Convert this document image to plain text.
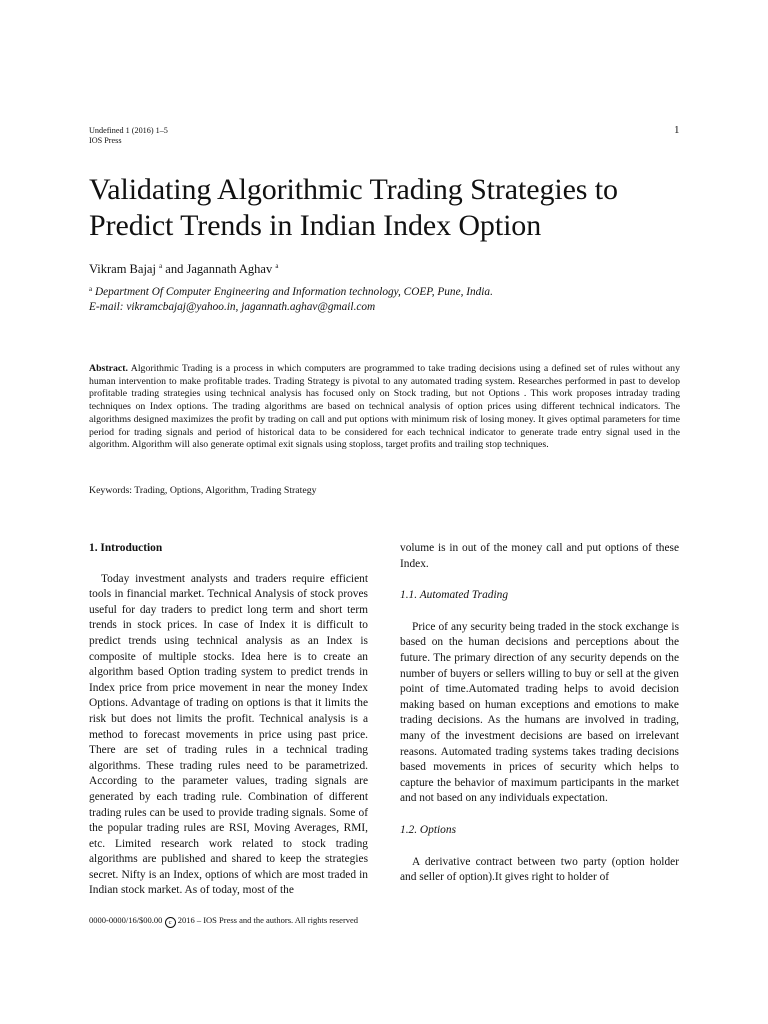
Undefined 1 (2016) 1–5
IOS Press
1
Validating Algorithmic Trading Strategies to Predict Trends in Indian Index Option
Vikram Bajaj $^a$ and Jagannath Aghav $^a$
$^a$ Department Of Computer Engineering and Information technology, COEP, Pune, India.
E-mail: vikramcbajaj@yahoo.in, jagannath.aghav@gmail.com

Abstract. Algorithmic Trading is a process in which computers are programmed to take trading decisions using a defined set of rules without any human intervention to make profitable trades. Trading Strategy is pivotal to any automated trading system. Researches performed in past to develop profitable trading strategies using technical analysis has focused only on Stock trading, but not Options . This work proposes intraday trading techniques on Index options. The trading algorithms are based on technical analysis of option prices using different technical indicators. The algorithms designed maximizes the profit by trading on call and put options with minimum risk of losing money. It gives optimal parameters for time period for trading signals and period of historical data to be considered for each technical indicator to generate trade entry signal used in the algorithm. Algorithm will also generate optimal exit signals using stoploss, target profits and trailing stop techniques.

Keywords: Trading, Options, Algorithm, Trading Strategy
1. Introduction

Today investment analysts and traders require efficient tools in financial market. Technical Analysis of stock proves useful for day traders to predict long term and short term trends in stock prices. In case of Index it is difficult to predict trends using technical analysis as an Index is composite of multiple stocks. Idea here is to create an algorithm based Option trading system to predict trends in Index price from price movement in near the money Index Options. Advantage of trading on options is that it limits the risk but does not limits the profit. Technical analysis is a method to forecast movements in price using past price. There are set of trading rules in a technical trading algorithms. These trading rules need to be parametrized. According to the parameter values, trading signals are generated by each trading rule. Combination of different trading rules can be used to provide trading signals. Some of the popular trading rules are RSI, Moving Averages, RMI, etc. Limited research work related to stock trading algorithms are published and shared to keep the strategies secret. Nifty is an Index, options of which are most traded in Indian stock market. As of today, most of the

volume is in out of the money call and put options of these Index.

1.1. Automated Trading

Price of any security being traded in the stock exchange is based on the human decisions and perceptions about the future. The primary direction of any security depends on the number of buyers or sellers willing to buy or sell at the given point of time.Automated trading helps to avoid decision making based on human exceptions and emotions to make trading decisions. As the humans are involved in trading, many of the investment decisions are based on irrelevant reasons. Automated trading systems takes trading decisions based movements in prices of security which helps to capture the behavior of maximum participants in the market and not based on any individuals expectation.

1.2. Options

A derivative contract between two party (option holder and seller of option).It gives right to holder of

0000-0000/16/$00.00 c 2016 – IOS Press and the authors. All rights reserved
